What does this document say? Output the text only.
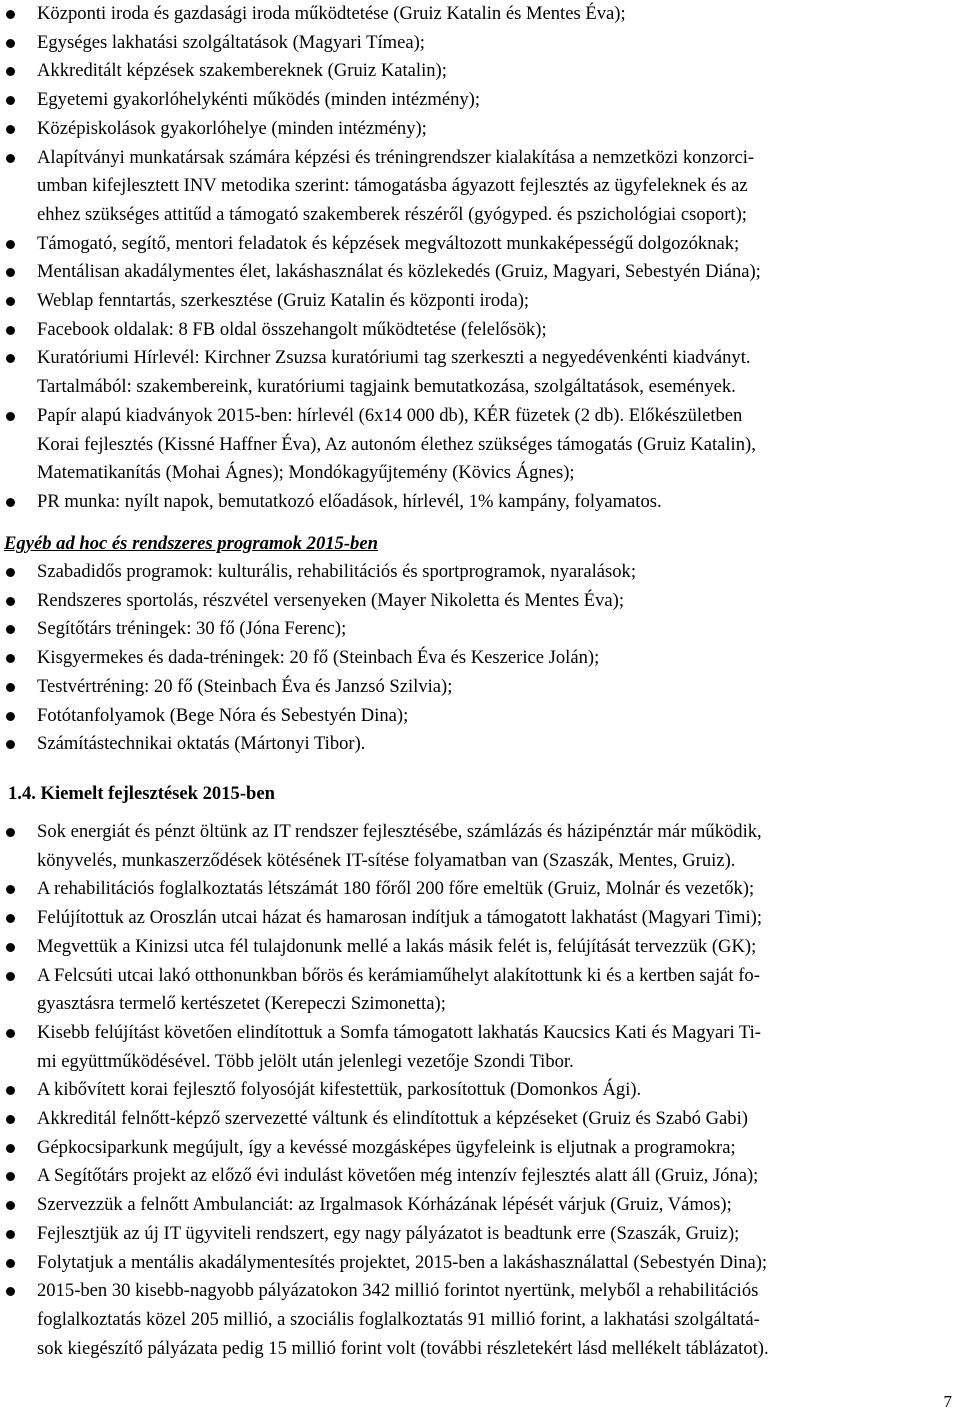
Központi iroda és gazdasági iroda működtetése (Gruiz Katalin és Mentes Éva);
Egységes lakhatási szolgáltatások (Magyari Tímea);
Akkreditált képzések szakembereknek (Gruiz Katalin);
Egyetemi gyakorlóhelykénti működés (minden intézmény);
Középiskolások gyakorlóhelye (minden intézmény);
Alapítványi munkatársak számára képzési és tréningrendszer kialakítása a nemzetközi konzorci-
umban kifejlesztett INV metodika szerint: támogatásba ágyazott fejlesztés az ügyfeleknek és az
ehhez szükséges attitűd a támogató szakemberek részéről (gyógyped. és pszichológiai csoport);
Támogató, segítő, mentori feladatok és képzések megváltozott munkaképességű dolgozóknak;
Mentálisan akadálymentes élet, lakáshasználat és közlekedés (Gruiz, Magyari, Sebestyén Diána);
Weblap fenntartás, szerkesztése (Gruiz Katalin és központi iroda);
Facebook oldalak: 8 FB oldal összehangolt működtetése (felelősök);
Kuratóriumi Hírlevél: Kirchner Zsuzsa kuratóriumi tag szerkeszti a negyedévenkénti kiadványt.
Tartalmából: szakembereink, kuratóriumi tagjaink bemutatkozása, szolgáltatások, események.
Papír alapú kiadványok 2015-ben: hírlevél (6x14 000 db), KÉR füzetek (2 db). Előkészületben
Korai fejlesztés (Kissné Haffner Éva), Az autonóm élethez szükséges támogatás (Gruiz Katalin),
Matematikanítás (Mohai Ágnes); Mondókagyűjtemény (Kövics Ágnes);
PR munka: nyílt napok, bemutatkozó előadások, hírlevél, 1% kampány, folyamatos.
Egyéb ad hoc és rendszeres programok 2015-ben
Szabadidős programok: kulturális, rehabilitációs és sportprogramok, nyaralások;
Rendszeres sportolás, részvétel versenyeken (Mayer Nikoletta és Mentes Éva);
Segítőtárs tréningek: 30 fő (Jóna Ferenc);
Kisgyermekes és dada-tréningek: 20 fő (Steinbach Éva és Keszerice Jolán);
Testvértréning: 20 fő (Steinbach Éva és Janzsó Szilvia);
Fotótanfolyamok (Bege Nóra és Sebestyén Dina);
Számítástechnikai oktatás (Mártonyi Tibor).
1.4. Kiemelt fejlesztések 2015-ben
Sok energiát és pénzt öltünk az IT rendszer fejlesztésébe, számlázás és házipénztár már működik,
könyvelés, munkaszerződések kötésének IT-sítése folyamatban van (Szaszák, Mentes, Gruiz).
A rehabilitációs foglalkoztatás létszámát 180 főről 200 főre emeltük (Gruiz, Molnár és vezetők);
Felújítottuk az Oroszlán utcai házat és hamarosan indítjuk a támogatott lakhatást (Magyari Timi);
Megvettük a Kinizsi utca fél tulajdonunk mellé a lakás másik felét is, felújítását tervezzük (GK);
A Felcsúti utcai lakó otthonunkban bőrös és kerámiaműhelyt alakítottunk ki és a kertben saját fo-
gyasztásra termelő kertészetet (Kerepeczi Szimonetta);
Kisebb felújítást követően elindítottuk a Somfa támogatott lakhatás Kaucsics Kati és Magyari Ti-
mi együttműködésével. Több jelölt után jelenlegi vezetője Szondi Tibor.
A kibővített korai fejlesztő folyosóját kifestettük, parkosítottuk (Domonkos Ági).
Akkreditál felnőtt-képző szervezetté váltunk és elindítottuk a képzéseket (Gruiz és Szabó Gabi)
Gépkocsiparkunk megújult, így a kevéssé mozgásképes ügyfeleink is eljutnak a programokra;
A Segítőtárs projekt az előző évi indulást követően még intenzív fejlesztés alatt áll (Gruiz, Jóna);
Szervezzük a felnőtt Ambulanciát: az Irgalmasok Kórházának lépését várjuk (Gruiz, Vámos);
Fejlesztjük az új IT ügyviteli rendszert, egy nagy pályázatot is beadtunk erre (Szaszák, Gruiz);
Folytatjuk a mentális akadálymentesítés projektet, 2015-ben a lakáshasználattal (Sebestyén Dina);
2015-ben 30 kisebb-nagyobb pályázatokon 342 millió forintot nyertünk, melyből a rehabilitációs
foglalkoztatás közel 205 millió, a szociális foglalkoztatás 91 millió forint, a lakhatási szolgáltatá-
sok kiegészítő pályázata pedig 15 millió forint volt (további részletekért lásd mellékelt táblázatot).
7
